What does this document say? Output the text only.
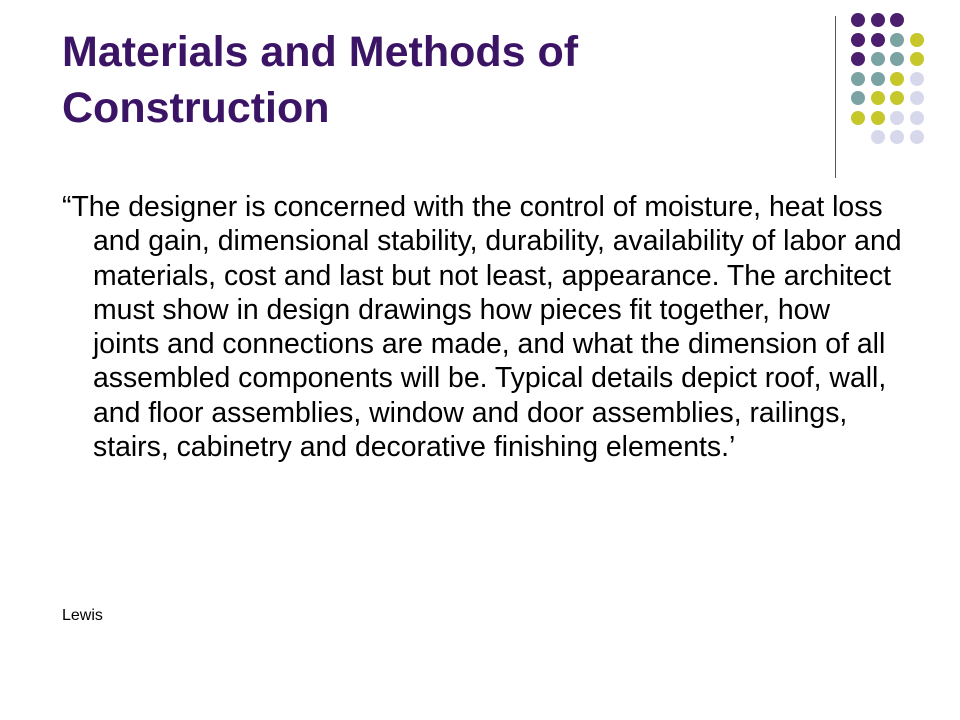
Materials and Methods of Construction

“The designer is concerned with the control of moisture, heat loss and gain, dimensional stability, durability, availability of labor and materials, cost and last but not least, appearance. The architect must show in design drawings how pieces fit together, how joints and connections are made, and what the dimension of all assembled components will be. Typical details depict roof, wall, and floor assemblies, window and door assemblies, railings, stairs, cabinetry and decorative finishing elements.’

Lewis
